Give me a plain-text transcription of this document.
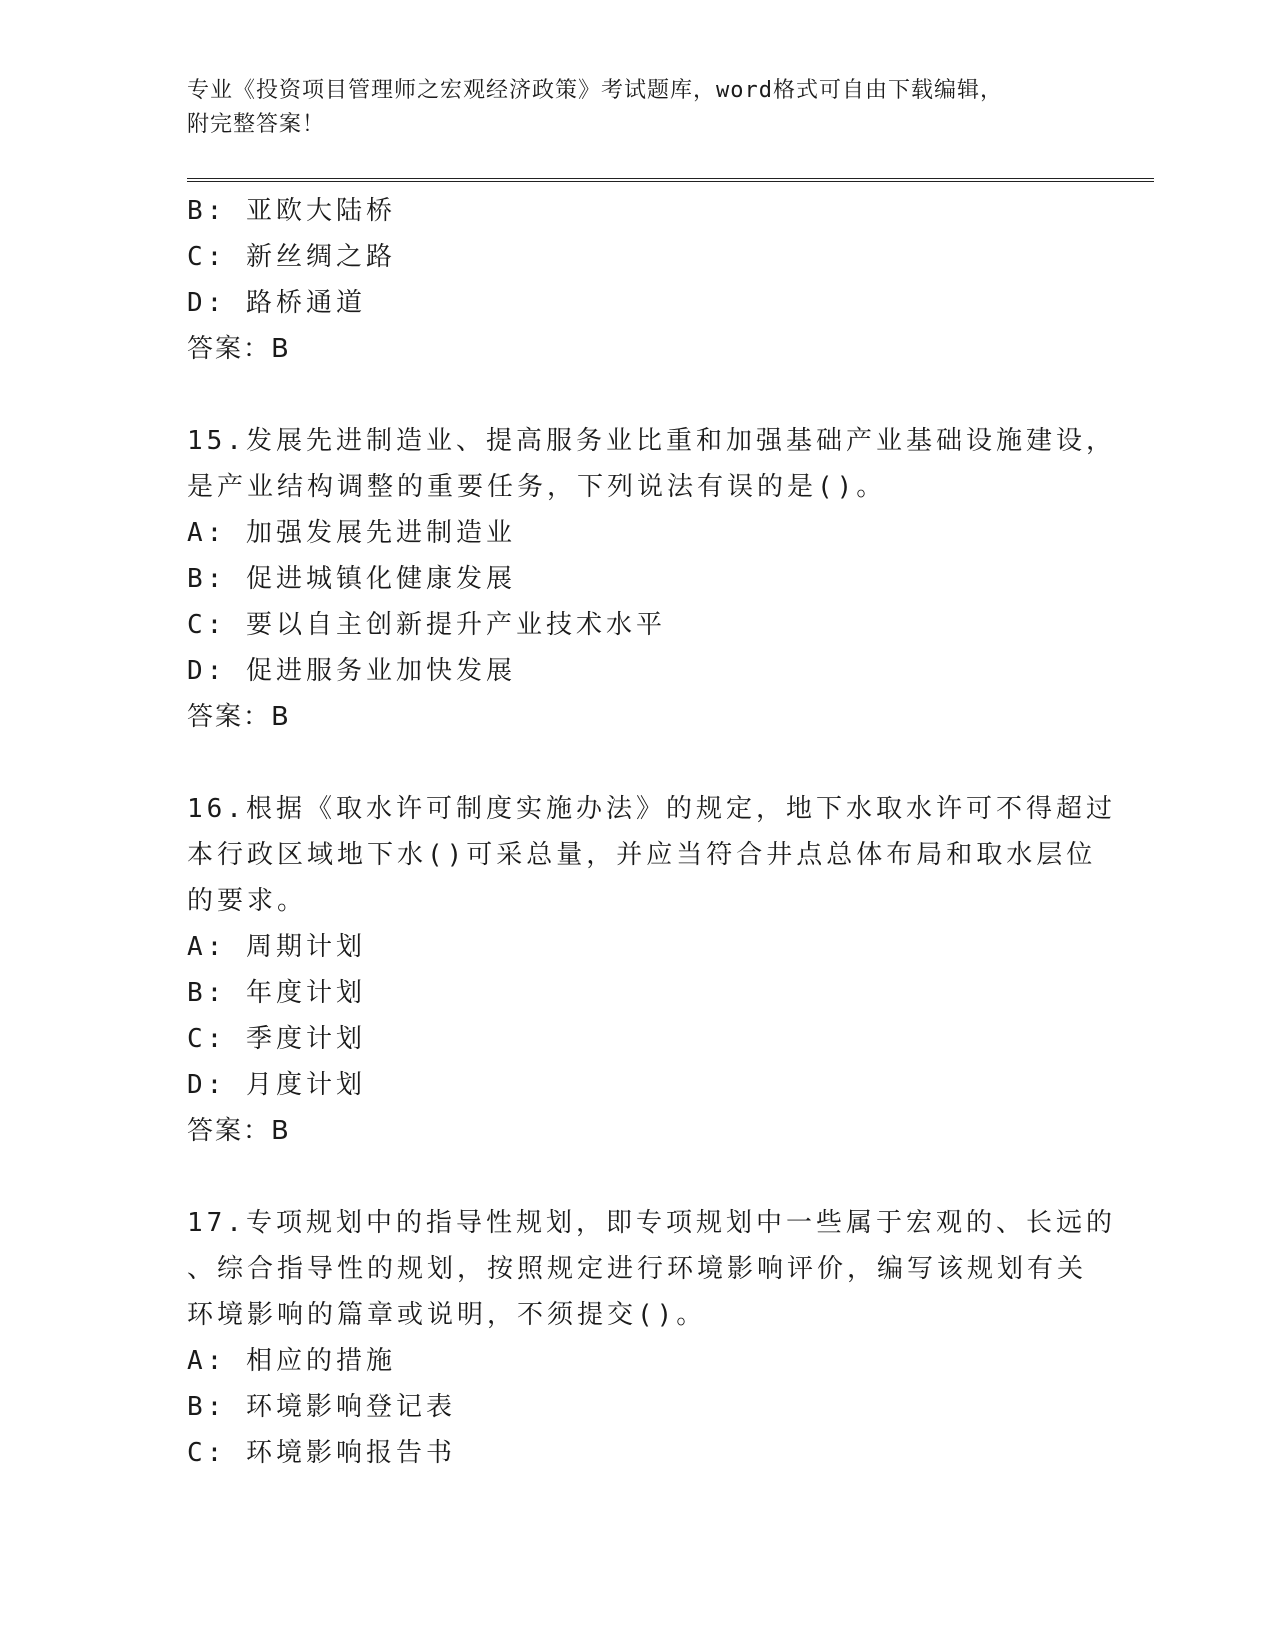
专业《投资项目管理师之宏观经济政策》考试题库，word格式可自由下载编辑，
附完整答案！
B: 亚欧大陆桥
C: 新丝绸之路
D: 路桥通道
答案：B
15.发展先进制造业、提高服务业比重和加强基础产业基础设施建设，
是产业结构调整的重要任务，下列说法有误的是()。
A: 加强发展先进制造业
B: 促进城镇化健康发展
C: 要以自主创新提升产业技术水平
D: 促进服务业加快发展
答案：B
16.根据《取水许可制度实施办法》的规定，地下水取水许可不得超过
本行政区域地下水()可采总量，并应当符合井点总体布局和取水层位
的要求。
A: 周期计划
B: 年度计划
C: 季度计划
D: 月度计划
答案：B
17.专项规划中的指导性规划，即专项规划中一些属于宏观的、长远的
、综合指导性的规划，按照规定进行环境影响评价，编写该规划有关
环境影响的篇章或说明，不须提交()。
A: 相应的措施
B: 环境影响登记表
C: 环境影响报告书
